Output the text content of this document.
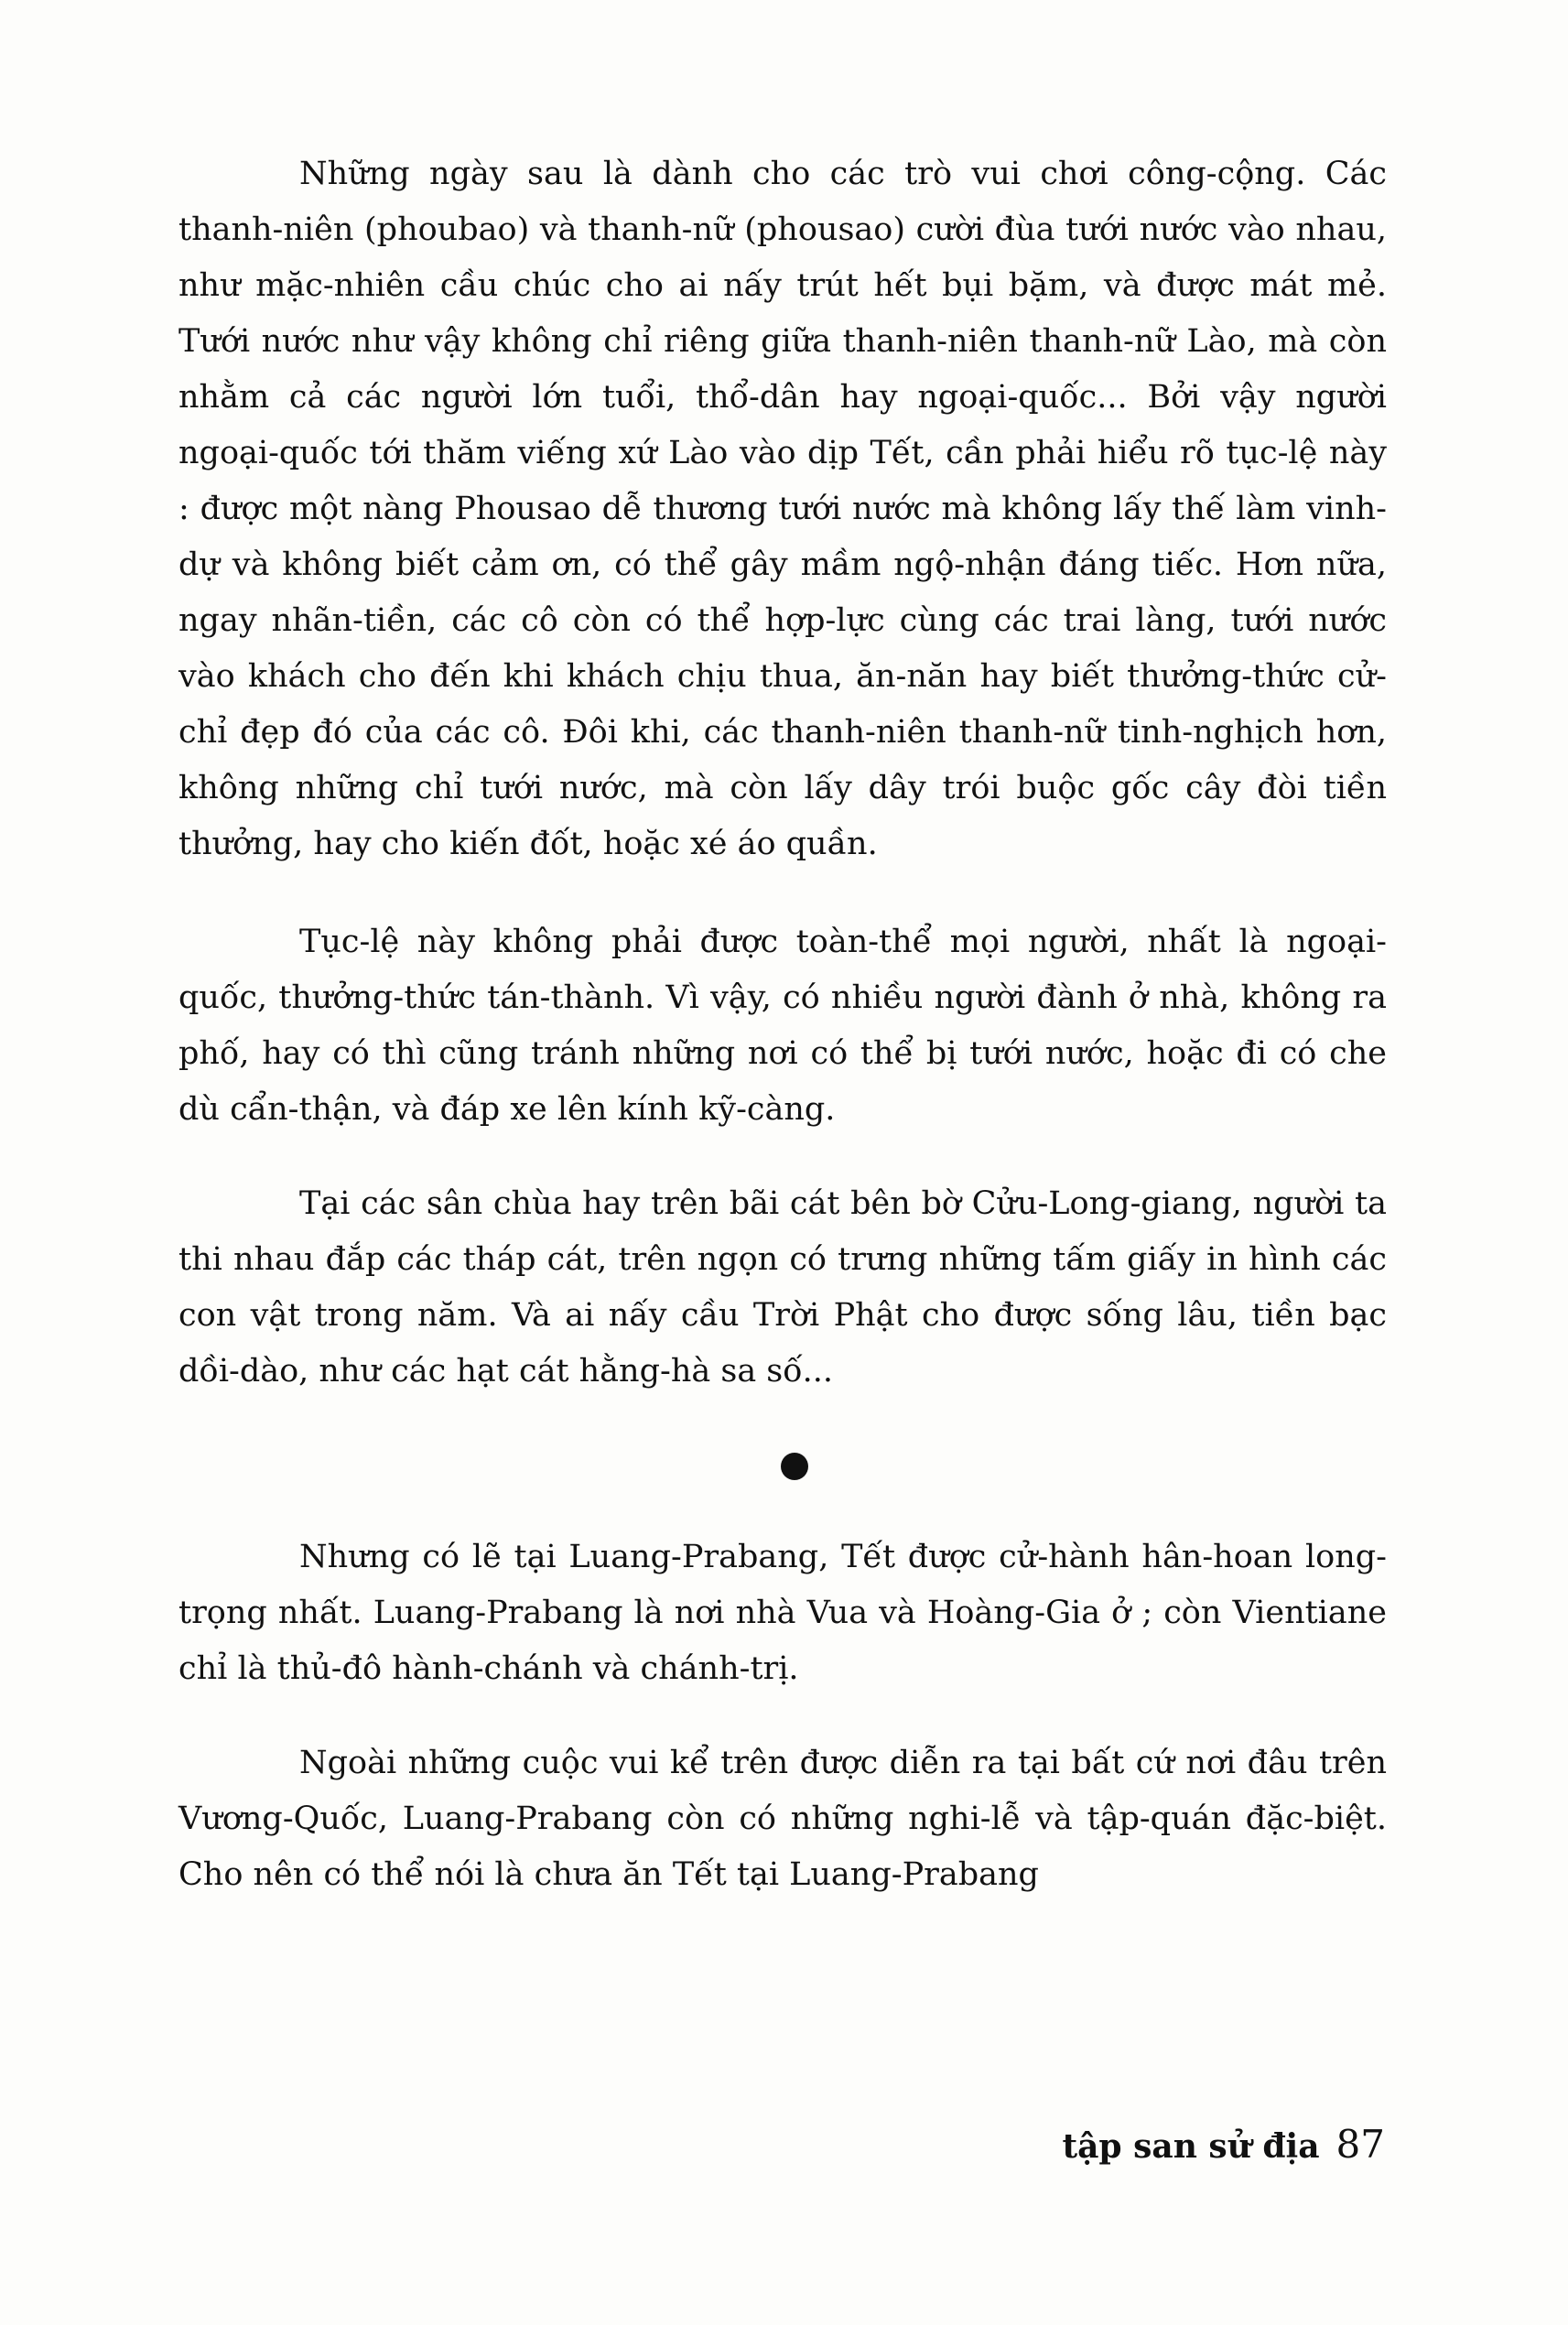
Những ngày sau là dành cho các trò vui chơi công-cộng. Các thanh-niên (phoubao) và thanh-nữ (phousao) cười đùa tưới nước vào nhau, như mặc-nhiên cầu chúc cho ai nấy trút hết bụi bặm, và được mát mẻ. Tưới nước như vậy không chỉ riêng giữa thanh-niên thanh-nữ Lào, mà còn nhằm cả các người lớn tuổi, thổ-dân hay ngoại-quốc... Bởi vậy người ngoại-quốc tới thăm viếng xứ Lào vào dịp Tết, cần phải hiểu rõ tục-lệ này : được một nàng Phousao dễ thương tưới nước mà không lấy thế làm vinh-dự và không biết cảm ơn, có thể gây mầm ngộ-nhận đáng tiếc. Hơn nữa, ngay nhãn-tiền, các cô còn có thể hợp-lực cùng các trai làng, tưới nước vào khách cho đến khi khách chịu thua, ăn-năn hay biết thưởng-thức cử-chỉ đẹp đó của các cô. Đôi khi, các thanh-niên thanh-nữ tinh-nghịch hơn, không những chỉ tưới nước, mà còn lấy dây trói buộc gốc cây đòi tiền thưởng, hay cho kiến đốt, hoặc xé áo quần.

Tục-lệ này không phải được toàn-thể mọi người, nhất là ngoại-quốc, thưởng-thức tán-thành. Vì vậy, có nhiều người đành ở nhà, không ra phố, hay có thì cũng tránh những nơi có thể bị tưới nước, hoặc đi có che dù cẩn-thận, và đáp xe lên kính kỹ-càng.

Tại các sân chùa hay trên bãi cát bên bờ Cửu-Long-giang, người ta thi nhau đắp các tháp cát, trên ngọn có trưng những tấm giấy in hình các con vật trong năm. Và ai nấy cầu Trời Phật cho được sống lâu, tiền bạc dồi-dào, như các hạt cát hằng-hà sa số...

Nhưng có lẽ tại Luang-Prabang, Tết được cử-hành hân-hoan long-trọng nhất. Luang-Prabang là nơi nhà Vua và Hoàng-Gia ở ; còn Vientiane chỉ là thủ-đô hành-chánh và chánh-trị.

Ngoài những cuộc vui kể trên được diễn ra tại bất cứ nơi đâu trên Vương-Quốc, Luang-Prabang còn có những nghi-lễ và tập-quán đặc-biệt. Cho nên có thể nói là chưa ăn Tết tại Luang-Prabang

tập san sử địa 87
